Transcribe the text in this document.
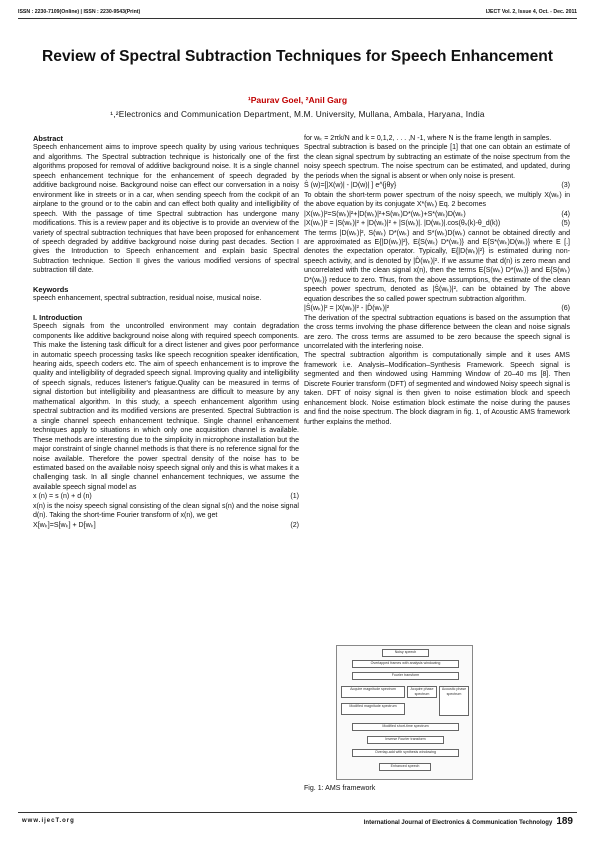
ISSN : 2230-7109(Online) | ISSN : 2230-9543(Print)	IJECT Vol. 2, Issue 4, Oct. - Dec. 2011
Review of Spectral Subtraction Techniques for Speech Enhancement
¹Paurav Goel, ²Anil Garg
¹,²Electronics and Communication Department, M.M. University, Mullana, Ambala, Haryana, India

Abstract

Speech enhancement aims to improve speech quality by using various techniques and algorithms. The Spectral subtraction technique is historically one of the first algorithms proposed for removal of additive background noise. It is a single channel speech enhancement technique for the enhancement of speech degraded by additive background noise. Background noise can effect our conversation in a noisy environment like in streets or in a car, when sending speech from the cockpit of an airplane to the ground or to the cabin and can effect both quality and intelligibility of speech. With the passage of time Spectral subtraction has undergone many modifications. This is a review paper and its objective is to provide an overview of the variety of spectral subtraction techniques that have been proposed for enhancement of speech degraded by additive background noise during past decades. Section I gives the Introduction to Speech enhancement and explain basic Spectral Subtraction technique. Section II gives the various modified versions of spectral subtraction till date.

Keywords

speech enhancement, spectral subtraction, residual noise, musical noise.

I. Introduction

Speech signals from the uncontrolled environment may contain degradation components like additive background noise along with required speech components. This make the listening task difficult for a direct listener and gives poor performance in automatic speech processing tasks like speech recognition speaker identification, hearing aids, speech coders etc. The aim of speech enhancement is to improve the quality and intelligibility of degraded speech signal. Improving quality and intelligibility of speech signals, reduces listener's fatigue.Quality can be measured in terms of signal distortion but intelligibility and pleasantness are difficult to measure by any mathematical algorithm. In this study, a speech enhancement algorithm using spectral subtraction and its modified versions are presented. Spectral Subtraction is a single channel speech enhancement technique. Single channel enhancement techniques apply to situations in which only one acquisition channel is available. These methods are interesting due to the simplicity in microphone installation but the major constraint of single channel methods is that there is no reference signal for the noise available. Therefore the power spectral density of the noise has to be estimated based on the available noisy speech signal only and this is what makes it a challenging task. In all single channel enhancement techniques, we assume the available speech signal model as

x (n) = s (n) + d (n)	(1)

x(n) is the noisy speech signal consisting of the clean signal s(n) and the noise signal d(n). Taking the short-time Fourier transform of x(n), we get

X[wₖ]=S[wₖ] + D[wₖ]	(2)

for wₖ = 2πk/N and k = 0,1,2, . . . ,N -1, where N is the frame length in samples.

Spectral subtraction is based on the principle [1] that one can obtain an estimate of the clean signal spectrum by subtracting an estimate of the noise spectrum from the noisy speech spectrum. The noise spectrum can be estimated, and updated, during the periods when the signal is absent or when only noise is present.

Ŝ (w)=[|X(w)| - |D(w)| ] e^{jθy}	(3)

To obtain the short-term power spectrum of the noisy speech, we multiply X(wₖ) in the above equation by its conjugate X*(wₖ) Eq. 2 becomes

|X(wₖ)|²=S(wₖ)|²+|D(wₖ)|²+S(wₖ)D*(wₖ)+S*(wₖ)D(wₖ)	(4)
|X(wₖ)|² = |S(wₖ)|² + |D(wₖ)|² + |S(wₖ)|. |D(wₖ)|.cos(θₛ(k)-θ_d(k))	(5)

The terms |D(wₖ)|², S(wₖ) D*(wₖ) and S*(wₖ)D(wₖ) cannot be obtained directly and are approximated as E{|D(wₖ)|²}, E{S(wₖ) D*(wₖ)} and E{S*(wₖ)D(wₖ)} where E [.] denotes the expectation operator. Typically, E{|D(wₖ)|²} is estimated during non-speech activity, and is denoted by |D̂(wₖ)|². If we assume that d(n) is zero mean and uncorrelated with the clean signal x(n), then the terms E{S(wₖ) D*(wₖ)} and E{S(wₖ) D*(wₖ)} reduce to zero. Thus, from the above assumptions, the estimate of the clean speech power spectrum, denoted as |Ŝ(wₖ)|², can be obtained by The above equation describes the so called power spectrum subtraction algorithm.

|Ŝ(wₖ)|² = |X(wₖ)|² - |D̂(wₖ)|²	(6)

The derivation of the spectral subtraction equations is based on the assumption that the cross terms involving the phase difference between the clean and noise signals are zero. The cross terms are assumed to be zero because the speech signal is uncorrelated with the interfering noise.

The spectral subtraction algorithm is computationally simple and it uses AMS framework i.e. Analysis–Modification–Synthesis Framework. Speech signal is segmented and then windowed using Hamming Window of 20–40 ms [8]. Then Discrete Fourier transform (DFT) of segmented and windowed Noisy speech signal is taken. DFT of noisy signal is then given to noise estimation block and speech enhancement block. Noise estimation block estimate the noise during the pauses and find the noise spectrum. The block diagram in fig. 1, of Acoustic AMS framework further explains the method.

Noisy speech
Overlapped frames with analysis windowing
Fourier transform
Acquire magnitude spectrum	Acquire phase spectrum
Modified magnitude spectrum
Acoustic phase spectrum
Modified short-time spectrum
Inverse Fourier transform
Overlap-add with synthesis windowing
Enhanced speech
Fig. 1: AMS framework
www.ijecT.org	International Journal of Electronics & Communication Technology 189
